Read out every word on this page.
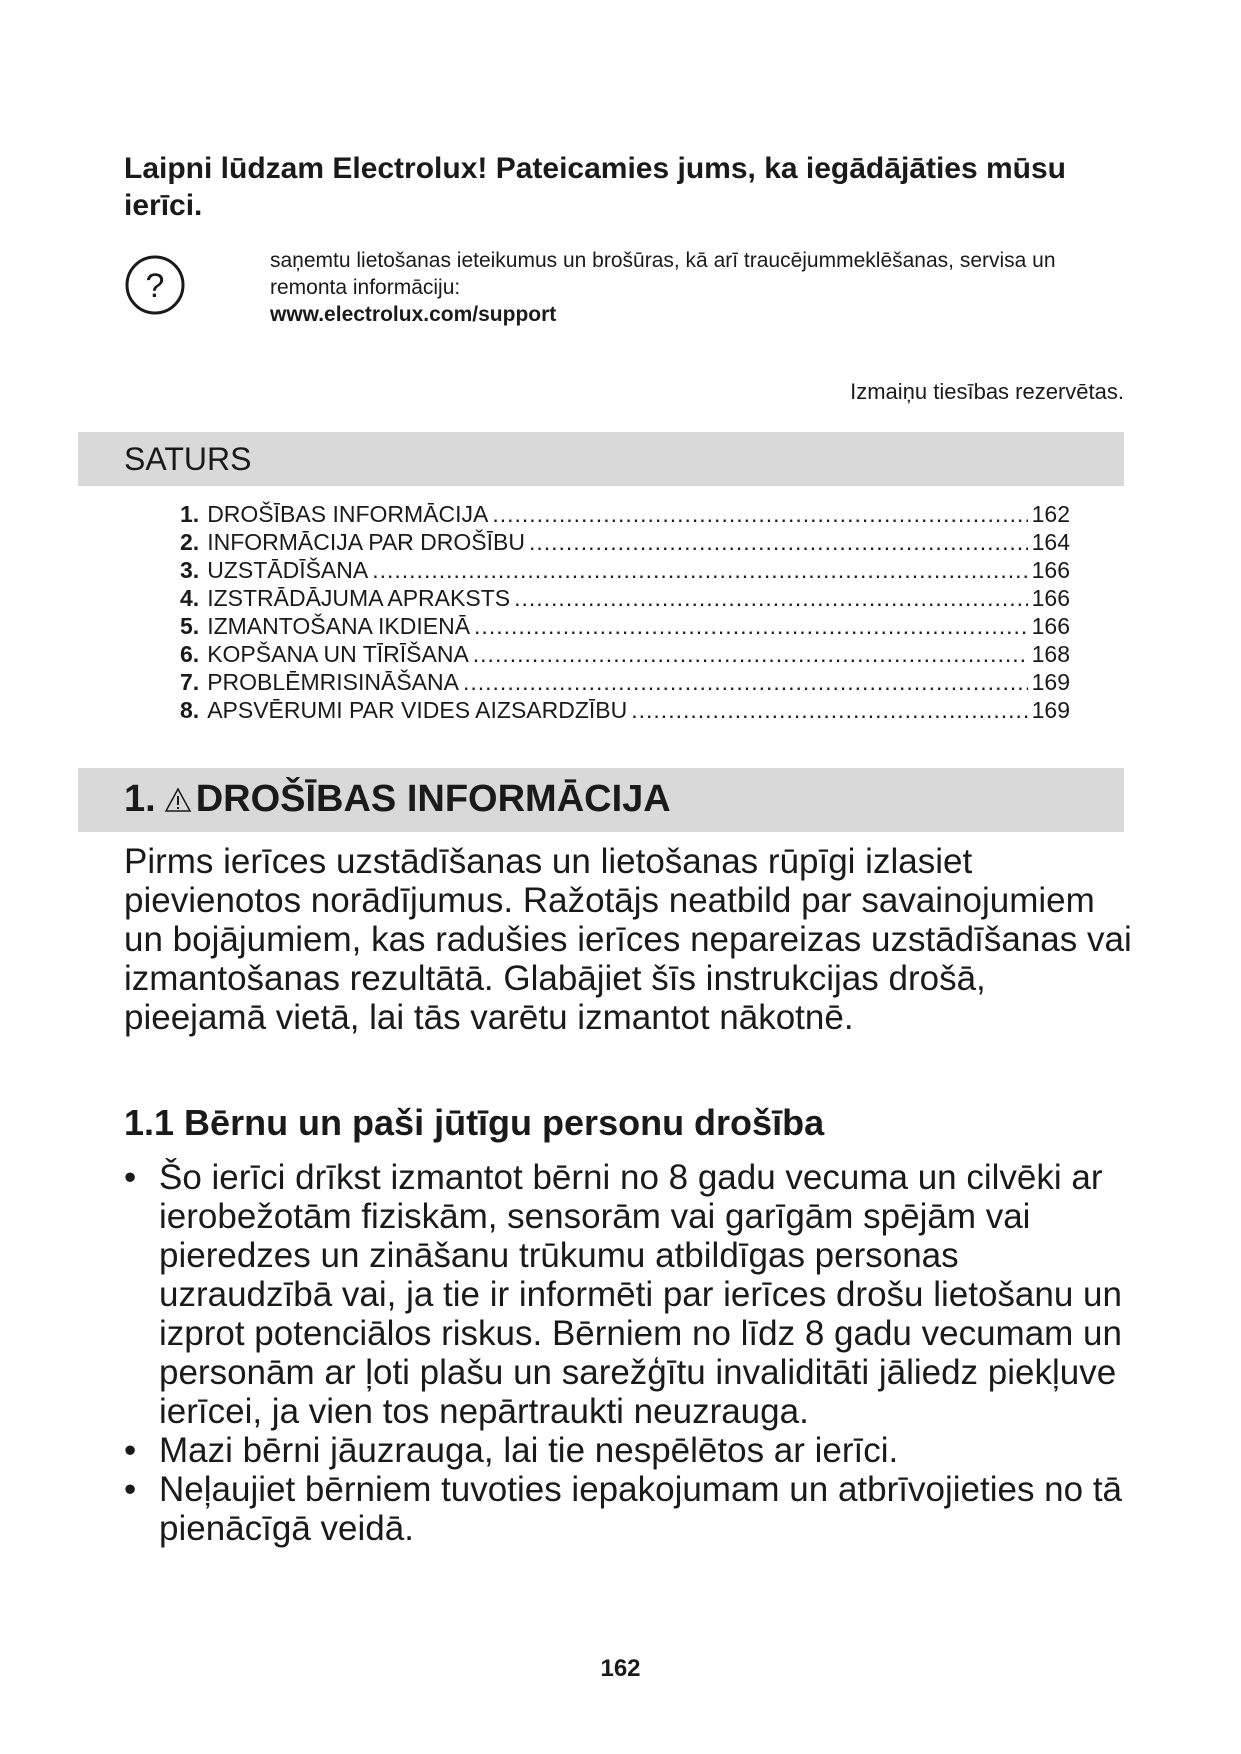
Laipni lūdzam Electrolux! Pateicamies jums, ka iegādājāties mūsu ierīci.
?

saņemtu lietošanas ieteikumus un brošūras, kā arī traucējummeklēšanas, servisa un remonta informāciju:
www.electrolux.com/support

Izmaiņu tiesības rezervētas.

SATURS
1. DROŠĪBAS INFORMĀCIJA .....	162
2. INFORMĀCIJA PAR DROŠĪBU .....	164
3. UZSTĀDĪŠANA .....	166
4. IZSTRĀDĀJUMA APRAKSTS .....	166
5. IZMANTOŠANA IKDIENĀ .....	166
6. KOPŠANA UN TĪRĪŠANA .....	168
7. PROBLĒMRISINĀŠANA .....	169
8. APSVĒRUMI PAR VIDES AIZSARDZĪBU .....	169
1. DROŠĪBAS INFORMĀCIJA

Pirms ierīces uzstādīšanas un lietošanas rūpīgi izlasiet pievienotos norādījumus. Ražotājs neatbild par savainojumiem un bojājumiem, kas radušies ierīces nepareizas uzstādīšanas vai izmantošanas rezultātā. Glabājiet šīs instrukcijas drošā, pieejamā vietā, lai tās varētu izmantot nākotnē.

1.1 Bērnu un paši jūtīgu personu drošība
• Šo ierīci drīkst izmantot bērni no 8 gadu vecuma un cilvēki ar ierobežotām fiziskām, sensorām vai garīgām spējām vai pieredzes un zināšanu trūkumu atbildīgas personas uzraudzībā vai, ja tie ir informēti par ierīces drošu lietošanu un izprot potenciālos riskus. Bērniem no līdz 8 gadu vecumam un personām ar ļoti plašu un sarežģītu invaliditāti jāliedz piekļuve ierīcei, ja vien tos nepārtraukti neuzrauga.
• Mazi bērni jāuzrauga, lai tie nespēlētos ar ierīci.
• Neļaujiet bērniem tuvoties iepakojumam un atbrīvojieties no tā pienācīgā veidā.

162
